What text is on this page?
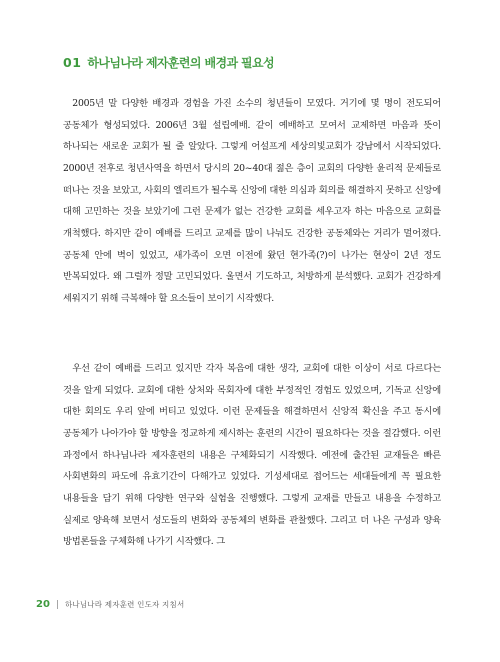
01 하나님나라 제자훈련의 배경과 필요성

2005년 말 다양한 배경과 경험을 가진 소수의 청년들이 모였다. 거기에 몇 명이 전도되어 공동체가 형성되었다. 2006년 3월 설립예배. 같이 예배하고 모여서 교제하면 마음과 뜻이 하나되는 새로운 교회가 될 줄 알았다. 그렇게 어설프게 세상의빛교회가 강남에서 시작되었다. 2000년 전후로 청년사역을 하면서 당시의 20~40대 젊은 층이 교회의 다양한 윤리적 문제들로 떠나는 것을 보았고, 사회의 엘리트가 될수록 신앙에 대한 의심과 회의를 해결하지 못하고 신앙에 대해 고민하는 것을 보았기에 그런 문제가 없는 건강한 교회를 세우고자 하는 마음으로 교회를 개척했다. 하지만 같이 예배를 드리고 교제를 많이 나눠도 건강한 공동체와는 거리가 멀어졌다. 공동체 안에 벽이 있었고, 새가족이 오면 이전에 왔던 현가족(?)이 나가는 현상이 2년 정도 반복되었다. 왜 그럴까 정말 고민되었다. 울면서 기도하고, 처방하게 분석했다. 교회가 건강하게 세워지기 위해 극복해야 할 요소들이 보이기 시작했다.

우선 같이 예배를 드리고 있지만 각자 복음에 대한 생각, 교회에 대한 이상이 서로 다르다는 것을 알게 되었다. 교회에 대한 상처와 목회자에 대한 부정적인 경험도 있었으며, 기독교 신앙에 대한 회의도 우리 앞에 버티고 있었다. 이런 문제들을 해결하면서 신앙적 확신을 주고 동시에 공동체가 나아가야 할 방향을 정교하게 제시하는 훈련의 시간이 필요하다는 것을 절감했다. 이런 과정에서 하나님나라 제자훈련의 내용은 구체화되기 시작했다. 예전에 출간된 교재들은 빠른 사회변화의 파도에 유효기간이 다해가고 있었다. 기성세대로 접어드는 세대들에게 꼭 필요한 내용들을 담기 위해 다양한 연구와 실험을 진행했다. 그렇게 교재를 만들고 내용을 수정하고 실제로 양육해 보면서 성도들의 변화와 공동체의 변화를 관찰했다. 그리고 더 나은 구성과 양육 방법론들을 구체화해 나가기 시작했다. 그

20 | 하나님나라 제자훈련 인도자 지침서
